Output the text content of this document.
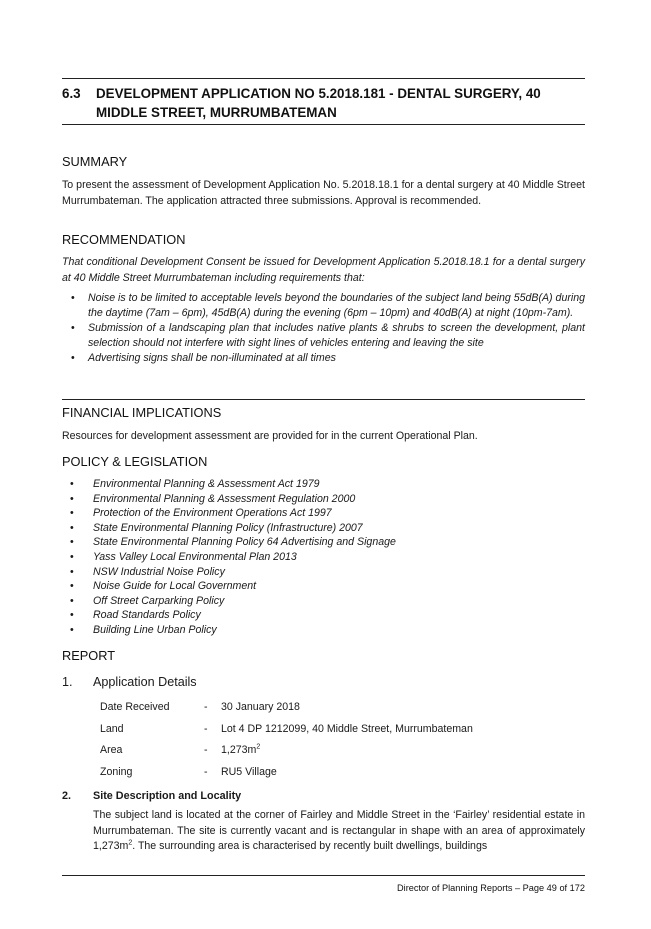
6.3 DEVELOPMENT APPLICATION NO 5.2018.181 - DENTAL SURGERY, 40 MIDDLE STREET, MURRUMBATEMAN
SUMMARY
To present the assessment of Development Application No. 5.2018.18.1 for a dental surgery at 40 Middle Street Murrumbateman. The application attracted three submissions. Approval is recommended.
RECOMMENDATION
That conditional Development Consent be issued for Development Application 5.2018.18.1 for a dental surgery at 40 Middle Street Murrumbateman including requirements that:
• Noise is to be limited to acceptable levels beyond the boundaries of the subject land being 55dB(A) during the daytime (7am – 6pm), 45dB(A) during the evening (6pm – 10pm) and 40dB(A) at night (10pm-7am).
• Submission of a landscaping plan that includes native plants & shrubs to screen the development, plant selection should not interfere with sight lines of vehicles entering and leaving the site
• Advertising signs shall be non-illuminated at all times
FINANCIAL IMPLICATIONS
Resources for development assessment are provided for in the current Operational Plan.
POLICY & LEGISLATION
• Environmental Planning & Assessment Act 1979
• Environmental Planning & Assessment Regulation 2000
• Protection of the Environment Operations Act 1997
• State Environmental Planning Policy (Infrastructure) 2007
• State Environmental Planning Policy 64 Advertising and Signage
• Yass Valley Local Environmental Plan 2013
• NSW Industrial Noise Policy
• Noise Guide for Local Government
• Off Street Carparking Policy
• Road Standards Policy
• Building Line Urban Policy
REPORT
1. Application Details
Date Received	- 30 January 2018
Land	- Lot 4 DP 1212099, 40 Middle Street, Murrumbateman
Area	- $1,273m^2$
Zoning	- RU5 Village
2. Site Description and Locality
The subject land is located at the corner of Fairley and Middle Street in the ‘Fairley’ residential estate in Murrumbateman. The site is currently vacant and is rectangular in shape with an area of approximately $1,273m^2$. The surrounding area is characterised by recently built dwellings, buildings
Director of Planning Reports – Page 49 of 172
